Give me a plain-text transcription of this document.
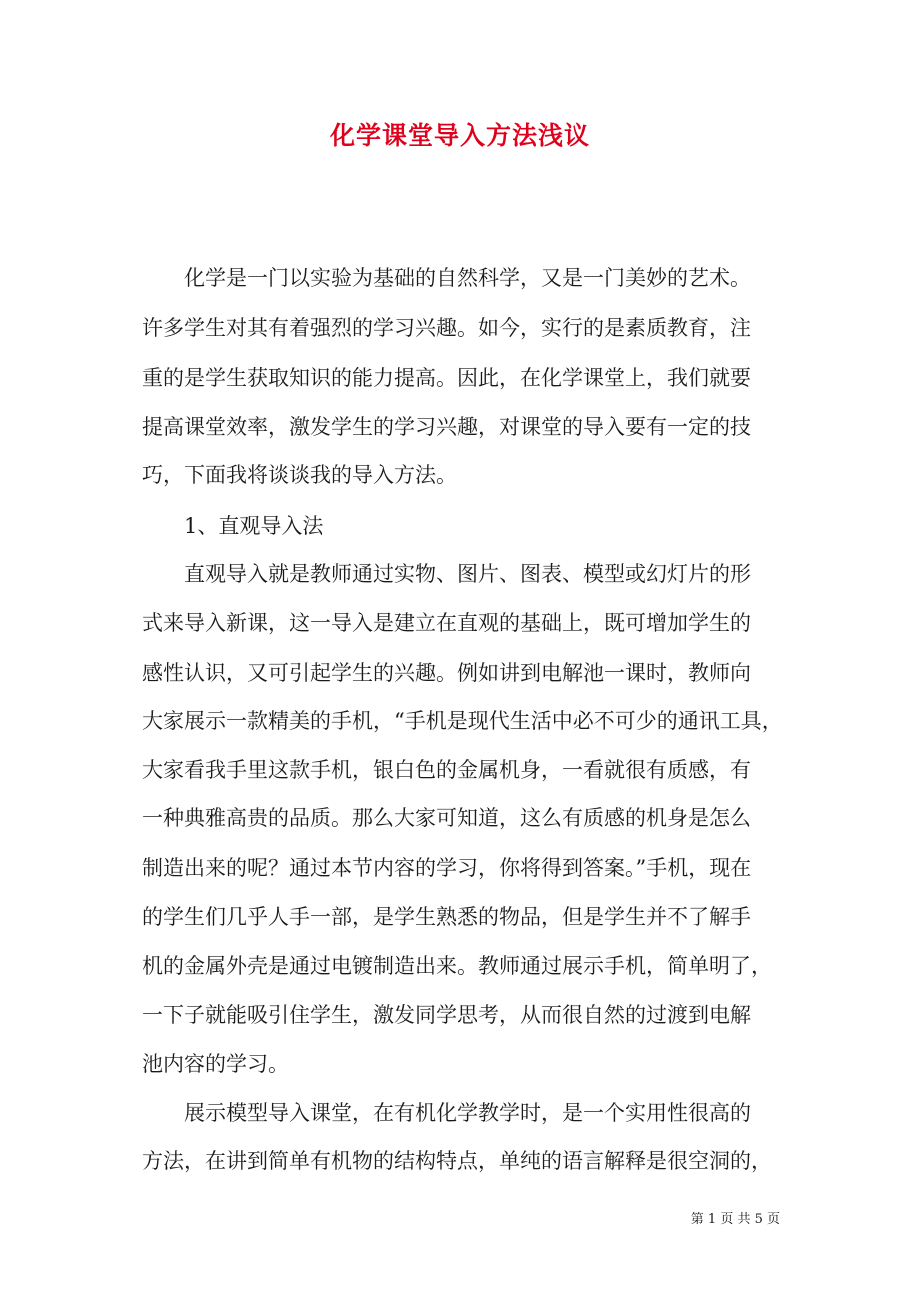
化学课堂导入方法浅议
化学是一门以实验为基础的自然科学，又是一门美妙的艺术。
许多学生对其有着强烈的学习兴趣。如今，实行的是素质教育，注
重的是学生获取知识的能力提高。因此，在化学课堂上，我们就要
提高课堂效率，激发学生的学习兴趣，对课堂的导入要有一定的技
巧，下面我将谈谈我的导入方法。
1、直观导入法
直观导入就是教师通过实物、图片、图表、模型或幻灯片的形
式来导入新课，这一导入是建立在直观的基础上，既可增加学生的
感性认识，又可引起学生的兴趣。例如讲到电解池一课时，教师向
大家展示一款精美的手机，“手机是现代生活中必不可少的通讯工具，
大家看我手里这款手机，银白色的金属机身，一看就很有质感，有
一种典雅高贵的品质。那么大家可知道，这么有质感的机身是怎么
制造出来的呢？通过本节内容的学习，你将得到答案。”手机，现在
的学生们几乎人手一部，是学生熟悉的物品，但是学生并不了解手
机的金属外壳是通过电镀制造出来。教师通过展示手机，简单明了，
一下子就能吸引住学生，激发同学思考，从而很自然的过渡到电解
池内容的学习。
展示模型导入课堂，在有机化学教学时，是一个实用性很高的
方法，在讲到简单有机物的结构特点，单纯的语言解释是很空洞的，
第 1 页 共 5 页
